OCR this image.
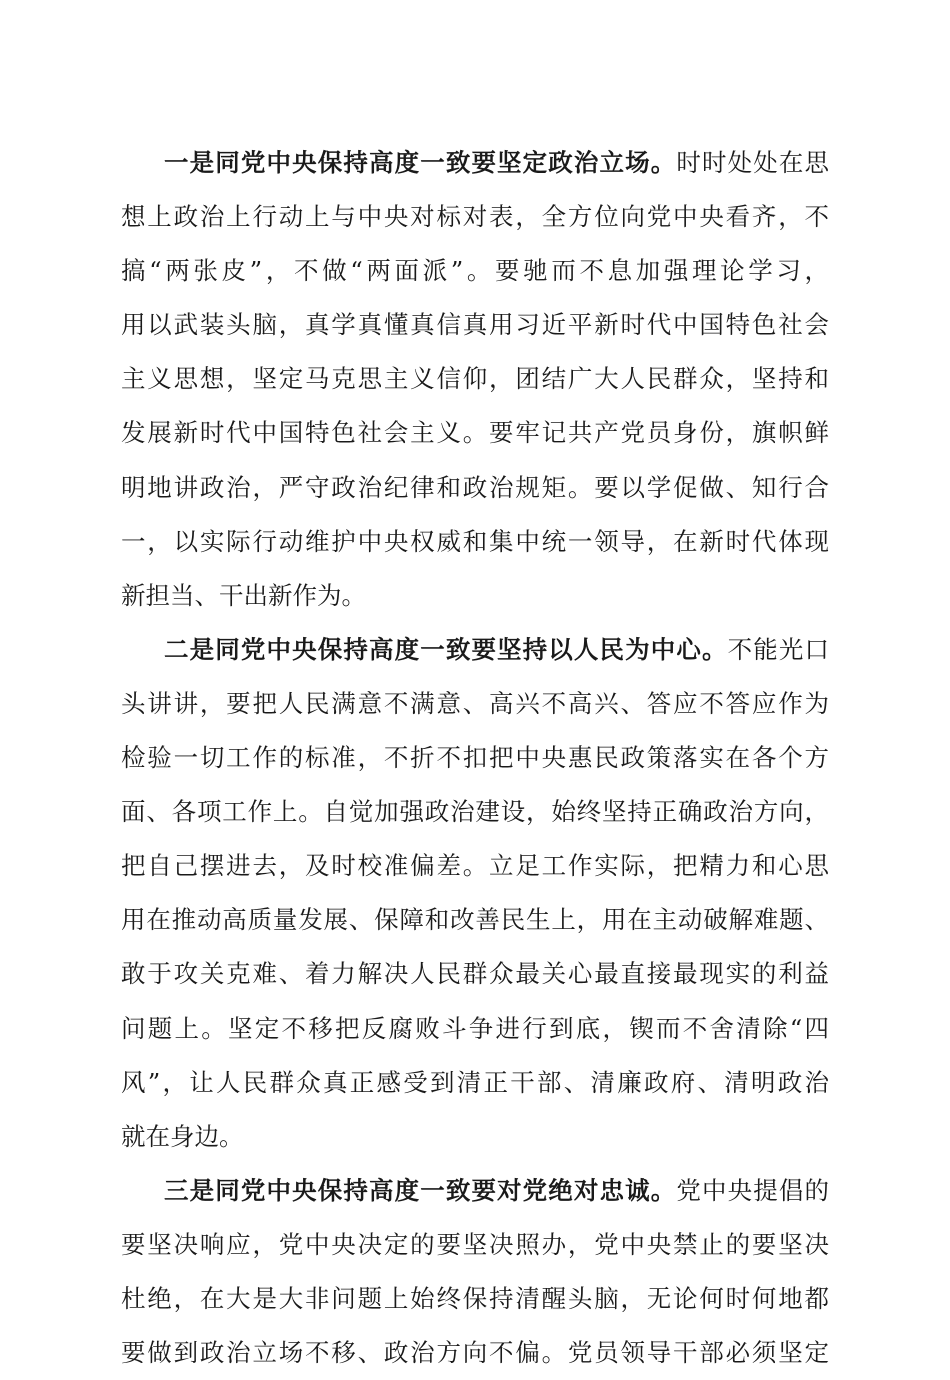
一是同党中央保持高度一致要坚定政治立场。时时处处在思
想上政治上行动上与中央对标对表，全方位向党中央看齐，不
搞“两张皮”，不做“两面派”。要驰而不息加强理论学习，
用以武装头脑，真学真懂真信真用习近平新时代中国特色社会
主义思想，坚定马克思主义信仰，团结广大人民群众，坚持和
发展新时代中国特色社会主义。要牢记共产党员身份，旗帜鲜
明地讲政治，严守政治纪律和政治规矩。要以学促做、知行合
一，以实际行动维护中央权威和集中统一领导，在新时代体现
新担当、干出新作为。
二是同党中央保持高度一致要坚持以人民为中心。不能光口
头讲讲，要把人民满意不满意、高兴不高兴、答应不答应作为
检验一切工作的标准，不折不扣把中央惠民政策落实在各个方
面、各项工作上。自觉加强政治建设，始终坚持正确政治方向，
把自己摆进去，及时校准偏差。立足工作实际，把精力和心思
用在推动高质量发展、保障和改善民生上，用在主动破解难题、
敢于攻关克难、着力解决人民群众最关心最直接最现实的利益
问题上。坚定不移把反腐败斗争进行到底，锲而不舍清除“四
风”，让人民群众真正感受到清正干部、清廉政府、清明政治
就在身边。
三是同党中央保持高度一致要对党绝对忠诚。党中央提倡的
要坚决响应，党中央决定的要坚决照办，党中央禁止的要坚决
杜绝，在大是大非问题上始终保持清醒头脑，无论何时何地都
要做到政治立场不移、政治方向不偏。党员领导干部必须坚定
